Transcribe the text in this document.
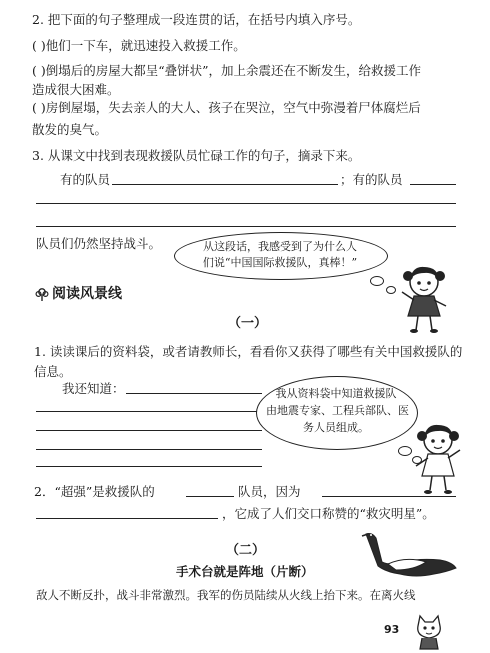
2. 把下面的句子整理成一段连贯的话，在括号内填入序号。
( )他们一下车，就迅速投入救援工作。
( )倒塌后的房屋大都呈“叠饼状”，加上余震还在不断发生，给救援工作
造成很大困难。
( )房倒屋塌，失去亲人的大人、孩子在哭泣，空气中弥漫着尸体腐烂后
散发的臭气。
3. 从课文中找到表现救援队员忙碌工作的句子，摘录下来。
有的队员	；有的队员
队员们仍然坚持战斗。	从这段话，我感受到了为什么人
们说“中国国际救援队，真棒！”
阅读风景线
（一）
1. 读读课后的资料袋，或者请教师长，看看你又获得了哪些有关中国救援队的
信息。
我还知道：	我从资料袋中知道救援队
由地震专家、工程兵部队、医
务人员组成。
2．“超强”是救援队的	队员，因为
，它成了人们交口称赞的“救灾明星”。
（二）
手术台就是阵地（片断）
敌人不断反扑，战斗非常激烈。我军的伤员陆续从火线上抬下来。在离火线
93
